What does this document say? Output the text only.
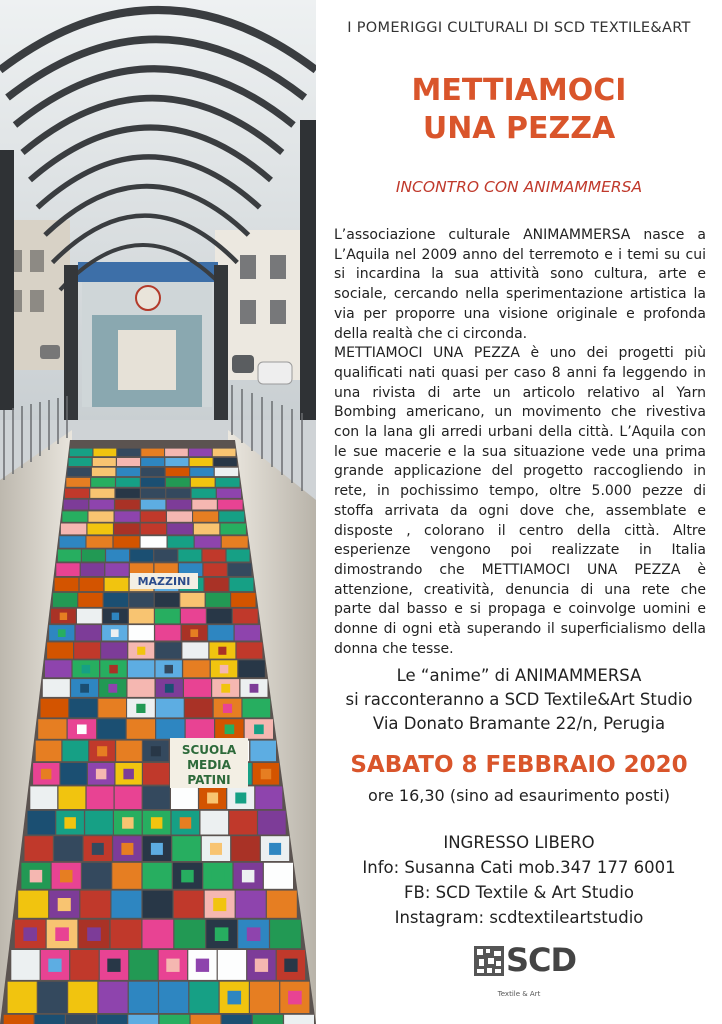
MAZZINI
SCUOLA
MEDIA
PATINI
I POMERIGGI CULTURALI DI SCD TEXTILE&ART
METTIAMOCI
UNA PEZZA
INCONTRO CON ANIMAMMERSA

L’associazione culturale ANIMAMMERSA nasce a L’Aquila nel 2009 anno del terremoto e i temi su cui si incardina la sua attività sono cultura, arte e sociale, cercando nella sperimentazione artistica la via per proporre una visione originale e profonda della realtà che ci circonda.

METTIAMOCI UNA PEZZA è uno dei progetti più qualificati nati quasi per caso 8 anni fa leggendo in una rivista di arte un articolo relativo al Yarn Bombing americano, un movimento che rivestiva con la lana gli arredi urbani della città. L’Aquila con le sue macerie e la sua situazione vede una prima grande applicazione del progetto raccogliendo in rete, in pochissimo tempo, oltre 5.000 pezze di stoffa arrivata da ogni dove che, assemblate e disposte , colorano il centro della città. Altre esperienze vengono poi realizzate in Italia dimostrando che METTIAMOCI UNA PEZZA è attenzione, creatività, denuncia di una rete che parte dal basso e si propaga e coinvolge uomini e donne di ogni età superando il superficialismo della donna che tesse.

Le “anime” di ANIMAMMERSA
si racconteranno a SCD Textile&Art Studio
Via Donato Bramante 22/n, Perugia
SABATO 8 FEBBRAIO 2020
ore 16,30 (sino ad esaurimento posti)
INGRESSO LIBERO
Info: Susanna Cati mob.347 177 6001
FB: SCD Textile & Art Studio
Instagram: scdtextileartstudio
SCD
Textile & Art
